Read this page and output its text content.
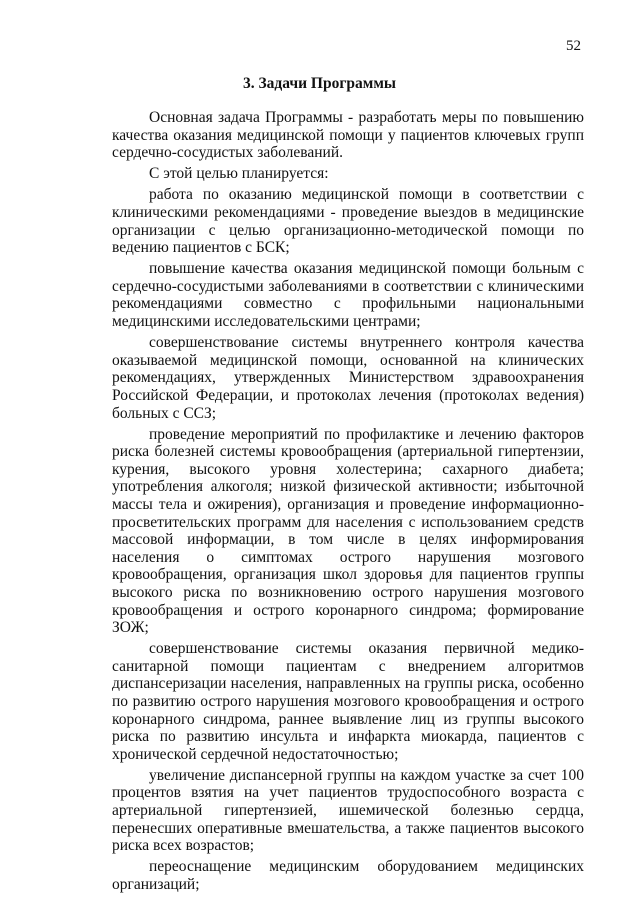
52
3. Задачи Программы

Основная задача Программы - разработать меры по повышению качества оказания медицинской помощи у пациентов ключевых групп сердечно-сосудистых заболеваний.

С этой целью планируется:

работа по оказанию медицинской помощи в соответствии с клиническими рекомендациями - проведение выездов в медицинские организации с целью организационно-методической помощи по ведению пациентов с БСК;

повышение качества оказания медицинской помощи больным с сердечно-сосудистыми заболеваниями в соответствии с клиническими рекомендациями совместно с профильными национальными медицинскими исследовательскими центрами;

совершенствование системы внутреннего контроля качества оказываемой медицинской помощи, основанной на клинических рекомендациях, утвержденных Министерством здравоохранения Российской Федерации, и протоколах лечения (протоколах ведения) больных с ССЗ;

проведение мероприятий по профилактике и лечению факторов риска болезней системы кровообращения (артериальной гипертензии, курения, высокого уровня холестерина; сахарного диабета; употребления алкоголя; низкой физической активности; избыточной массы тела и ожирения), организация и проведение информационно-просветительских программ для населения с использованием средств массовой информации, в том числе в целях информирования населения о симптомах острого нарушения мозгового кровообращения, организация школ здоровья для пациентов группы высокого риска по возникновению острого нарушения мозгового кровообращения и острого коронарного синдрома; формирование ЗОЖ;

совершенствование системы оказания первичной медико-санитарной помощи пациентам с внедрением алгоритмов диспансеризации населения, направленных на группы риска, особенно по развитию острого нарушения мозгового кровообращения и острого коронарного синдрома, раннее выявление лиц из группы высокого риска по развитию инсульта и инфаркта миокарда, пациентов с хронической сердечной недостаточностью;

увеличение диспансерной группы на каждом участке за счет 100 процентов взятия на учет пациентов трудоспособного возраста с артериальной гипертензией, ишемической болезнью сердца, перенесших оперативные вмешательства, а также пациентов высокого риска всех возрастов;

переоснащение медицинским оборудованием медицинских организаций;
